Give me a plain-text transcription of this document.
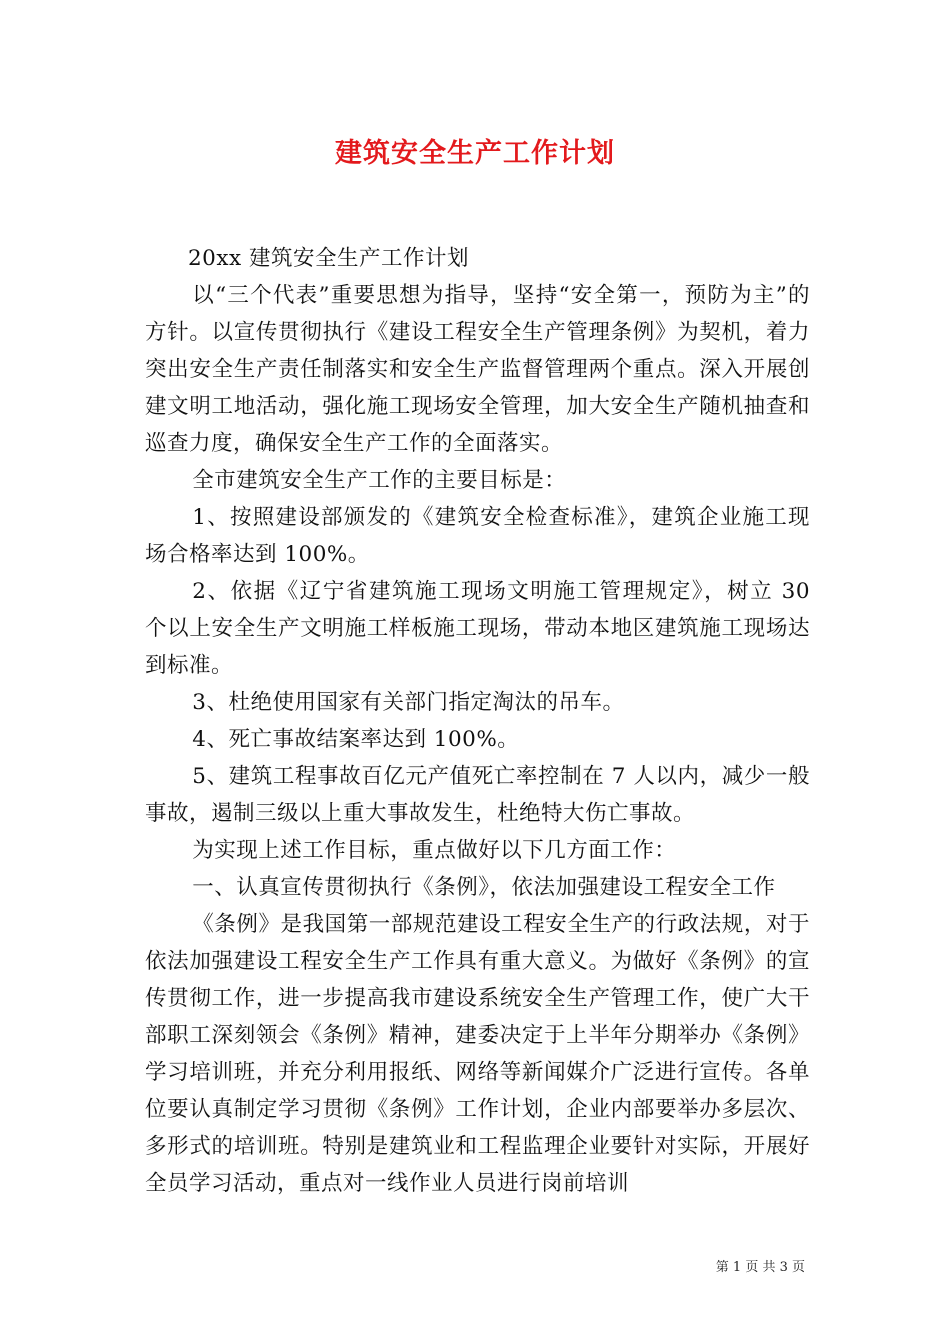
建筑安全生产工作计划

20xx 建筑安全生产工作计划

以“三个代表”重要思想为指导，坚持“安全第一，预防为主”的方针。以宣传贯彻执行《建设工程安全生产管理条例》为契机，着力突出安全生产责任制落实和安全生产监督管理两个重点。深入开展创建文明工地活动，强化施工现场安全管理，加大安全生产随机抽查和巡查力度，确保安全生产工作的全面落实。

全市建筑安全生产工作的主要目标是：

1、按照建设部颁发的《建筑安全检查标准》，建筑企业施工现场合格率达到 100%。

2、依据《辽宁省建筑施工现场文明施工管理规定》，树立 30 个以上安全生产文明施工样板施工现场，带动本地区建筑施工现场达到标准。

3、杜绝使用国家有关部门指定淘汰的吊车。

4、死亡事故结案率达到 100%。

5、建筑工程事故百亿元产值死亡率控制在 7 人以内，减少一般事故，遏制三级以上重大事故发生，杜绝特大伤亡事故。

为实现上述工作目标，重点做好以下几方面工作：

一、认真宣传贯彻执行《条例》，依法加强建设工程安全工作

《条例》是我国第一部规范建设工程安全生产的行政法规，对于依法加强建设工程安全生产工作具有重大意义。为做好《条例》的宣传贯彻工作，进一步提高我市建设系统安全生产管理工作，使广大干部职工深刻领会《条例》精神，建委决定于上半年分期举办《条例》学习培训班，并充分利用报纸、网络等新闻媒介广泛进行宣传。各单位要认真制定学习贯彻《条例》工作计划，企业内部要举办多层次、多形式的培训班。特别是建筑业和工程监理企业要针对实际，开展好全员学习活动，重点对一线作业人员进行岗前培训

第 1 页 共 3 页
